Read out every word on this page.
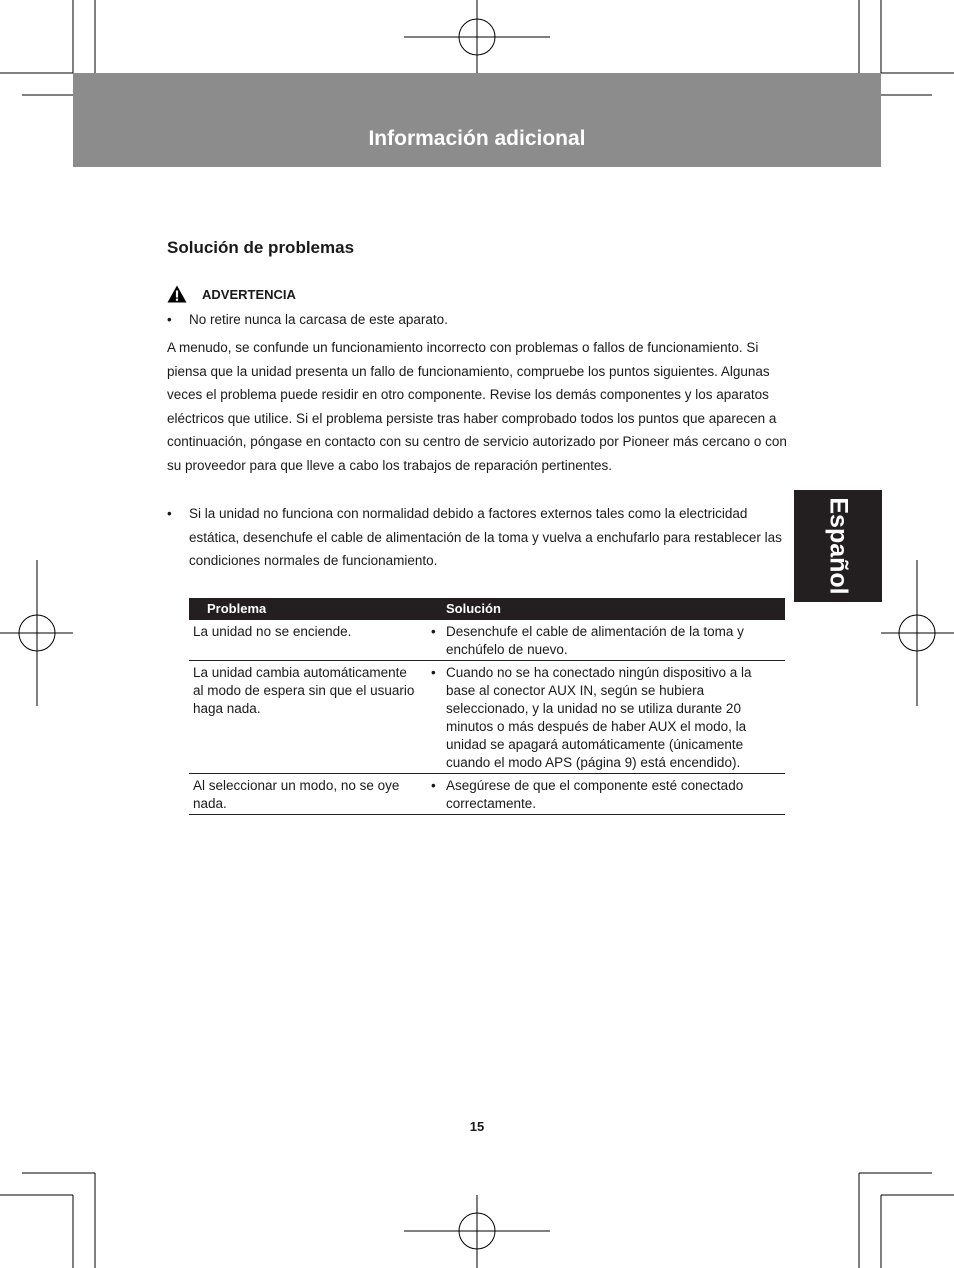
Información adicional
Español
Solución de problemas
ADVERTENCIA
• No retire nunca la carcasa de este aparato.
A menudo, se confunde un funcionamiento incorrecto con problemas o fallos de funcionamiento. Si piensa que la unidad presenta un fallo de funcionamiento, compruebe los puntos siguientes. Algunas veces el problema puede residir en otro componente. Revise los demás componentes y los aparatos eléctricos que utilice. Si el problema persiste tras haber comprobado todos los puntos que aparecen a continuación, póngase en contacto con su centro de servicio autorizado por Pioneer más cercano o con su proveedor para que lleve a cabo los trabajos de reparación pertinentes.
• Si la unidad no funciona con normalidad debido a factores externos tales como la electricidad estática, desenchufe el cable de alimentación de la toma y vuelva a enchufarlo para restablecer las condiciones normales de funcionamiento.
Problema	Solución
La unidad no se enciende.	• Desenchufe el cable de alimentación de la toma y enchúfelo de nuevo.

La unidad cambia automáticamente al modo de espera sin que el usuario haga nada.	• Cuando no se ha conectado ningún dispositivo a la base al conector AUX IN, según se hubiera seleccionado, y la unidad no se utiliza durante 20 minutos o más después de haber AUX el modo, la unidad se apagará automáticamente (únicamente cuando el modo APS (página 9) está encendido).

Al seleccionar un modo, no se oye nada.	• Asegúrese de que el componente esté conectado correctamente.
15
